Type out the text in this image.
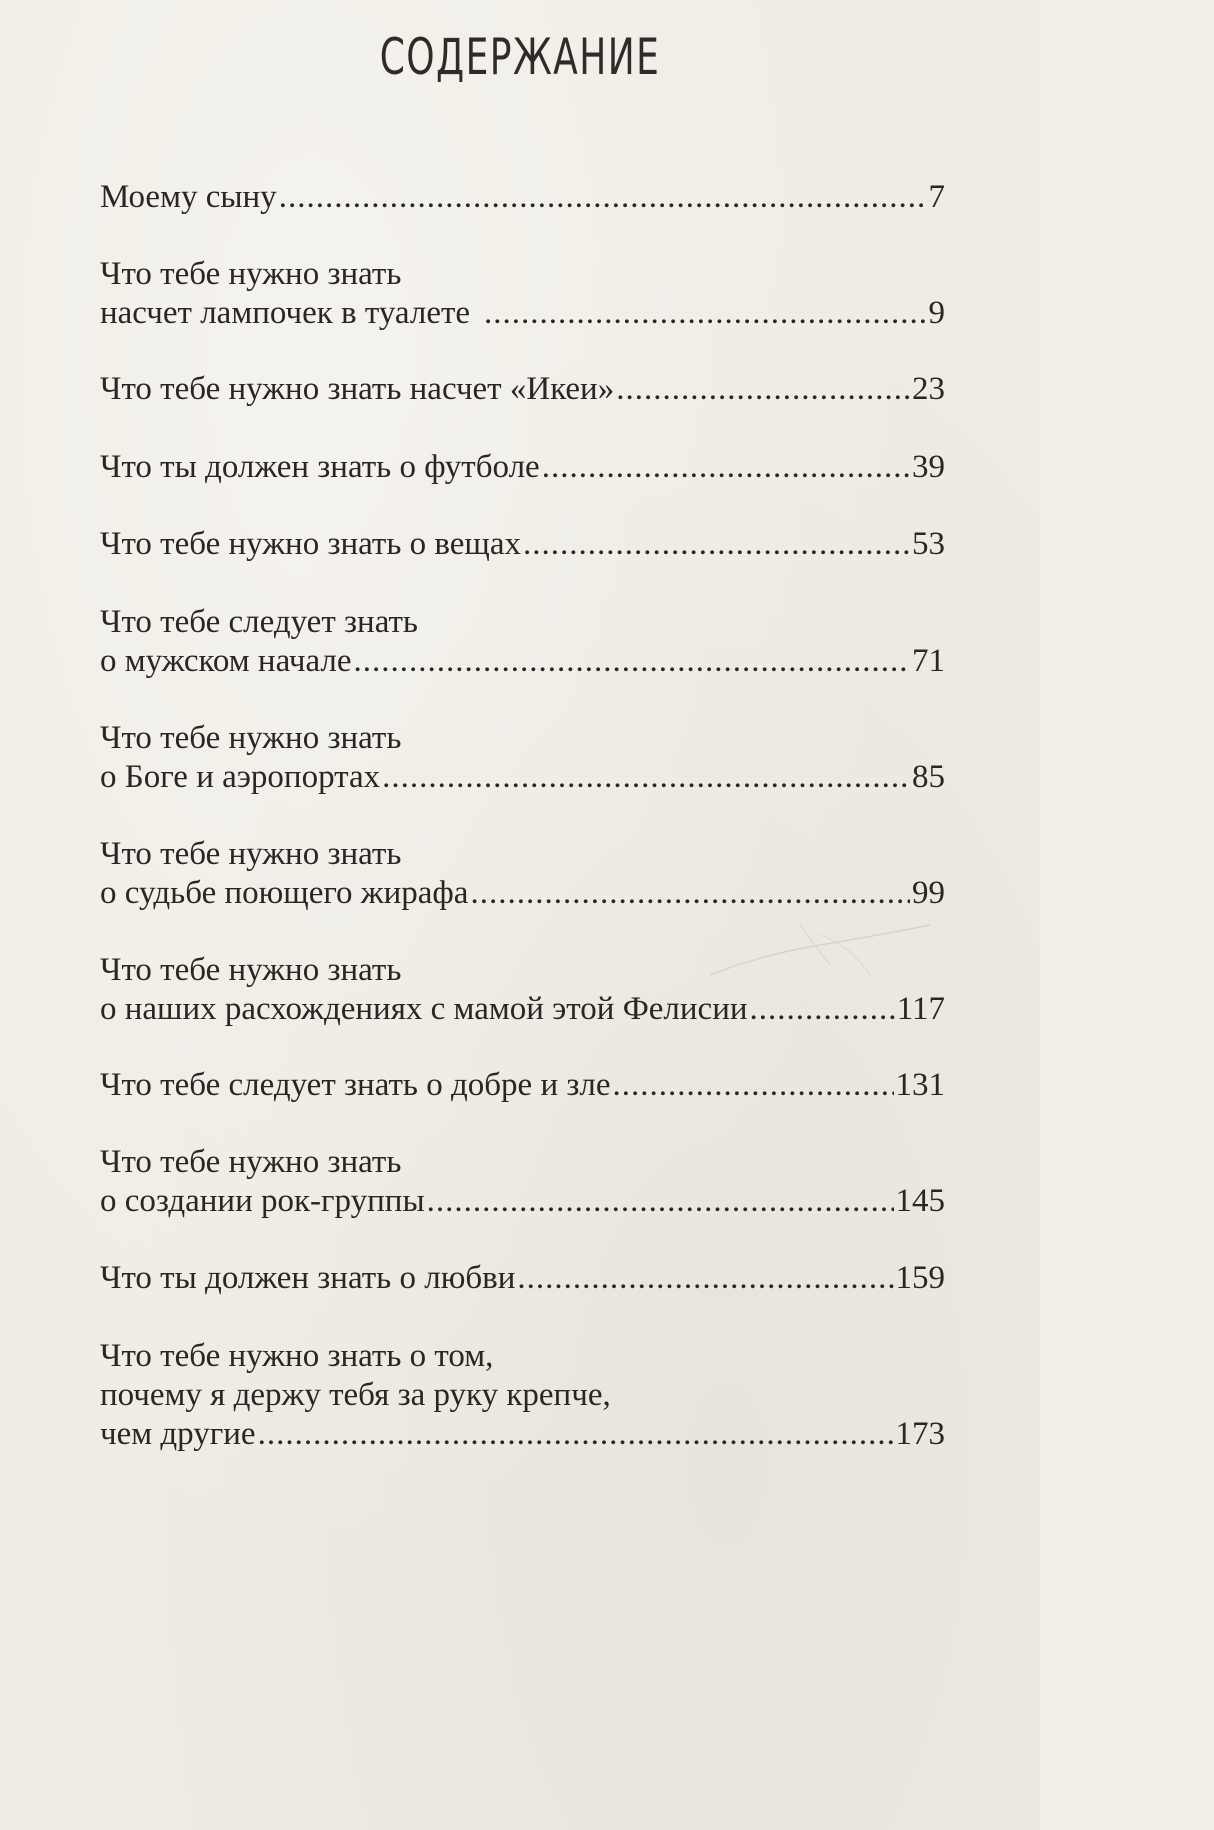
СОДЕРЖАНИЕ
Моему сыну .....	7
Что тебе нужно знать
насчет лампочек в туалете .....	9
Что тебе нужно знать насчет «Икеи» .....	23
Что ты должен знать о футболе .....	39
Что тебе нужно знать о вещах .....	53
Что тебе следует знать
о мужском начале .....	71
Что тебе нужно знать
о Боге и аэропортах .....	85
Что тебе нужно знать
о судьбе поющего жирафа .....	99
Что тебе нужно знать
о наших расхождениях с мамой этой Фелисии .....	117
Что тебе следует знать о добре и зле .....	131
Что тебе нужно знать
о создании рок-группы .....	145
Что ты должен знать о любви .....	159
Что тебе нужно знать о том,
почему я держу тебя за руку крепче,
чем другие .....	173
